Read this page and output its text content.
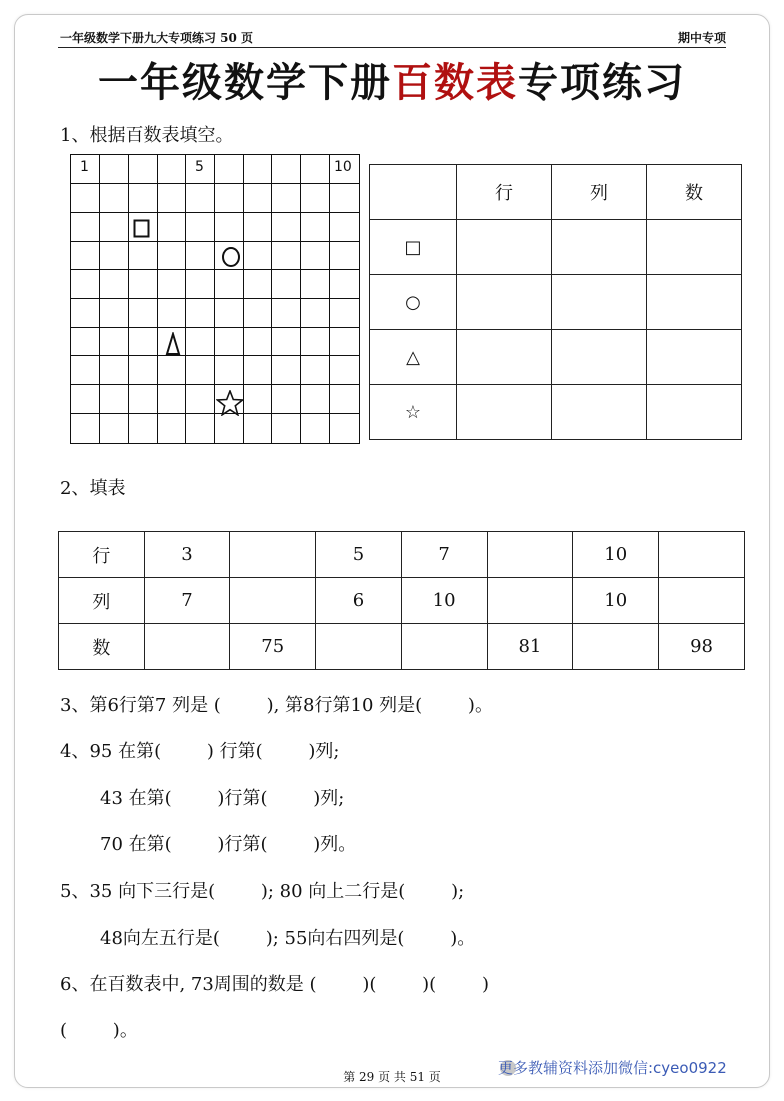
一年级数学下册九大专项练习 50 页	期中专项
一年级数学下册百数表专项练习
1、根据百数表填空。
1	5	10
	行	列	数
□			
○			
△			
☆			
2、填表
行	3		5	7		10	
列	7		6	10		10	
数		75			81		98
3、第6行第7 列是 (        ), 第8行第10 列是(        )。
4、95 在第(        ) 行第(        )列;
43 在第(        )行第(        )列;
70 在第(        )行第(        )列。
5、35 向下三行是(        ); 80 向上二行是(        );
48向左五行是(        ); 55向右四列是(        )。
6、在百数表中, 73周围的数是 (        )(        )(        )
(        )。
第 29 页 共 51 页	更多教辅资料添加微信:cyeo0922
